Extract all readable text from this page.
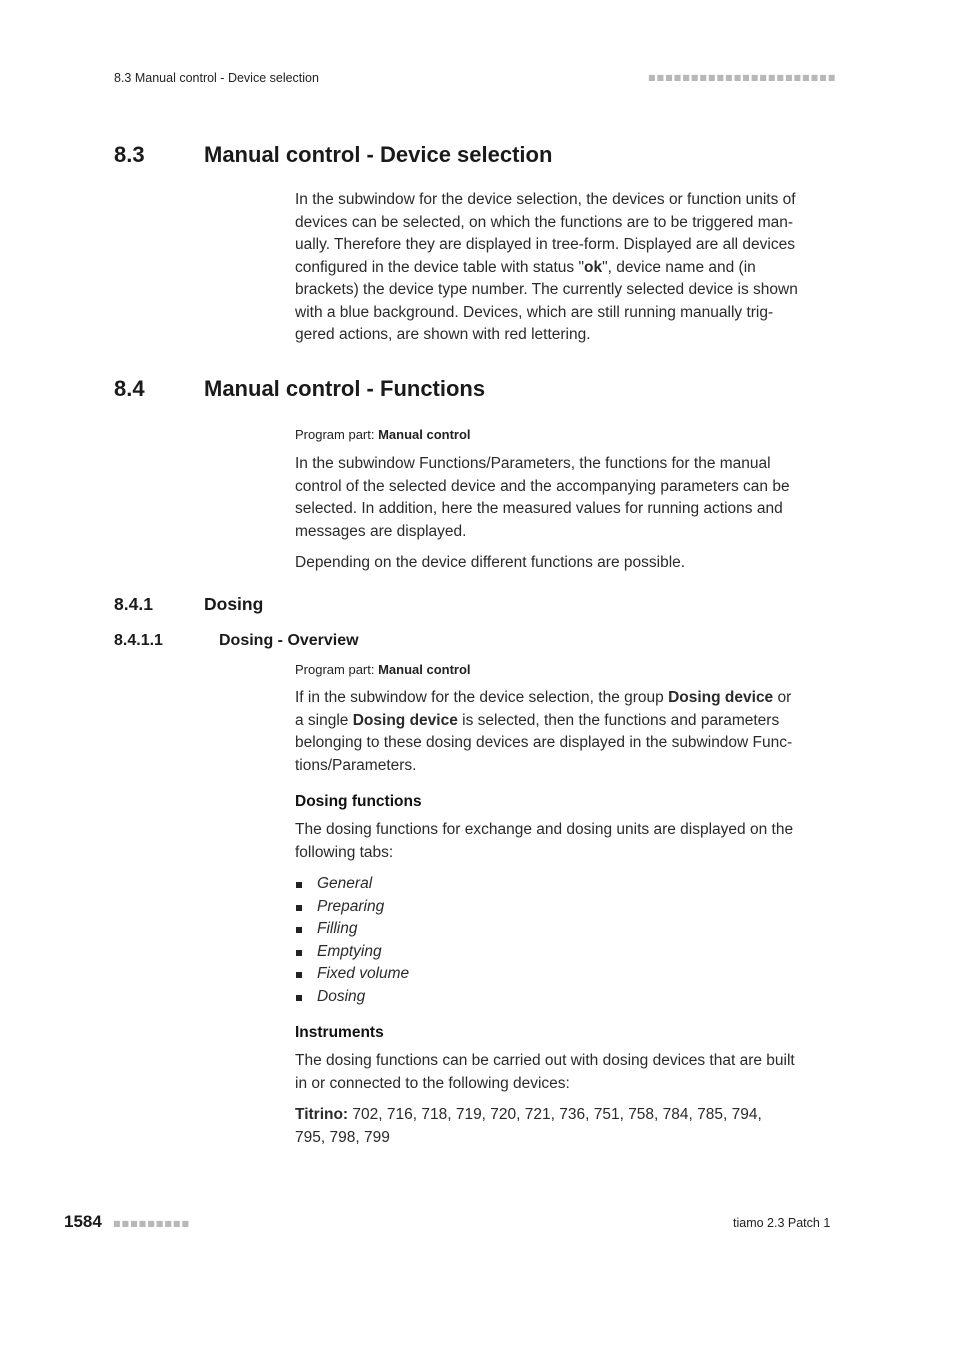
8.3 Manual control - Device selection	■■■■■■■■■■■■■■■■■■■■■■
8.3	Manual control - Device selection

In the subwindow for the device selection, the devices or function units of

devices can be selected, on which the functions are to be triggered man-

ually. Therefore they are displayed in tree-form. Displayed are all devices

configured in the device table with status "ok", device name and (in

brackets) the device type number. The currently selected device is shown

with a blue background. Devices, which are still running manually trig-

gered actions, are shown with red lettering.

8.4	Manual control - Functions
Program part: Manual control

In the subwindow Functions/Parameters, the functions for the manual

control of the selected device and the accompanying parameters can be

selected. In addition, here the measured values for running actions and

messages are displayed.

Depending on the device different functions are possible.
8.4.1	Dosing
8.4.1.1	Dosing - Overview
Program part: Manual control

If in the subwindow for the device selection, the group Dosing device or

a single Dosing device is selected, then the functions and parameters

belonging to these dosing devices are displayed in the subwindow Func-

tions/Parameters.

Dosing functions

The dosing functions for exchange and dosing units are displayed on the

following tabs:

General
Preparing
Filling
Emptying
Fixed volume
Dosing
Instruments

The dosing functions can be carried out with dosing devices that are built

in or connected to the following devices:

Titrino: 702, 716, 718, 719, 720, 721, 736, 751, 758, 784, 785, 794,

795, 798, 799

1584 ■■■■■■■■■	tiamo 2.3 Patch 1
